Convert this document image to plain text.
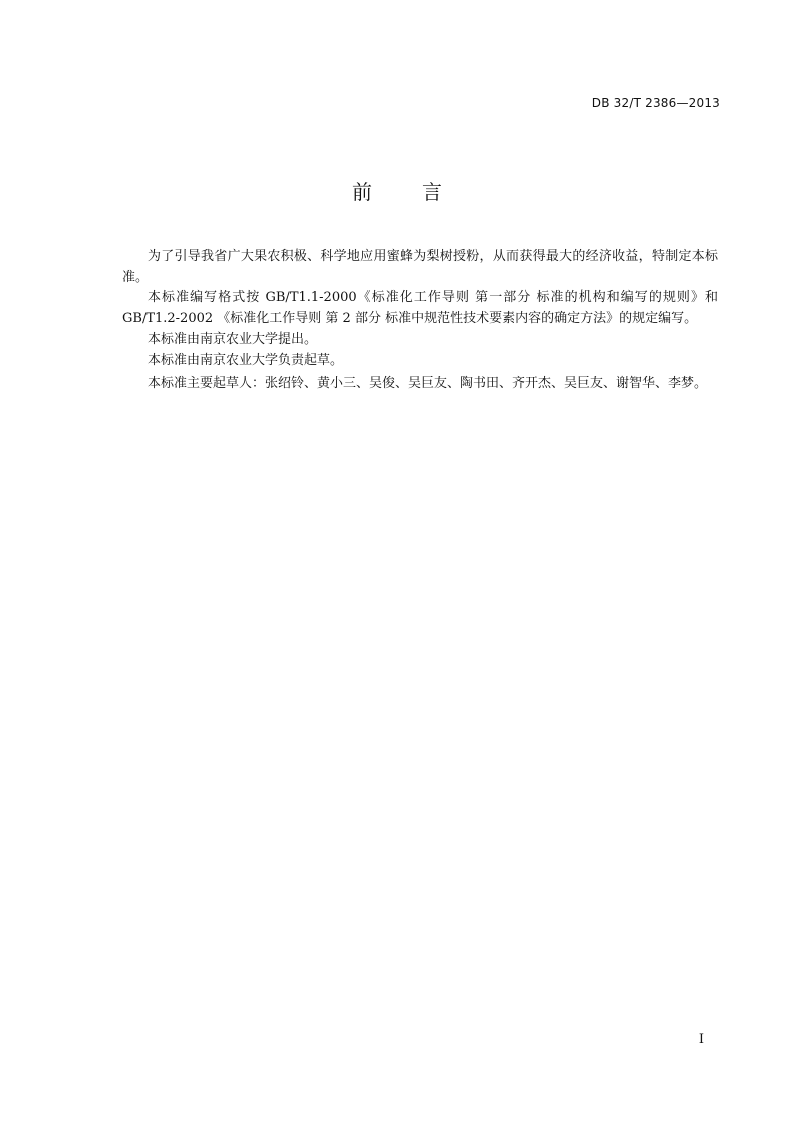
DB 32/T 2386—2013
前	言

为了引导我省广大果农积极、科学地应用蜜蜂为梨树授粉，从而获得最大的经济收益，特制定本标准。

本标准编写格式按 GB/T1.1-2000《标准化工作导则 第一部分 标准的机构和编写的规则》和 GB/T1.2-2002 《标准化工作导则 第 2 部分 标准中规范性技术要素内容的确定方法》的规定编写。

本标准由南京农业大学提出。

本标准由南京农业大学负责起草。

本标准主要起草人：张绍铃、黄小三、吴俊、吴巨友、陶书田、齐开杰、吴巨友、谢智华、李梦。

I
